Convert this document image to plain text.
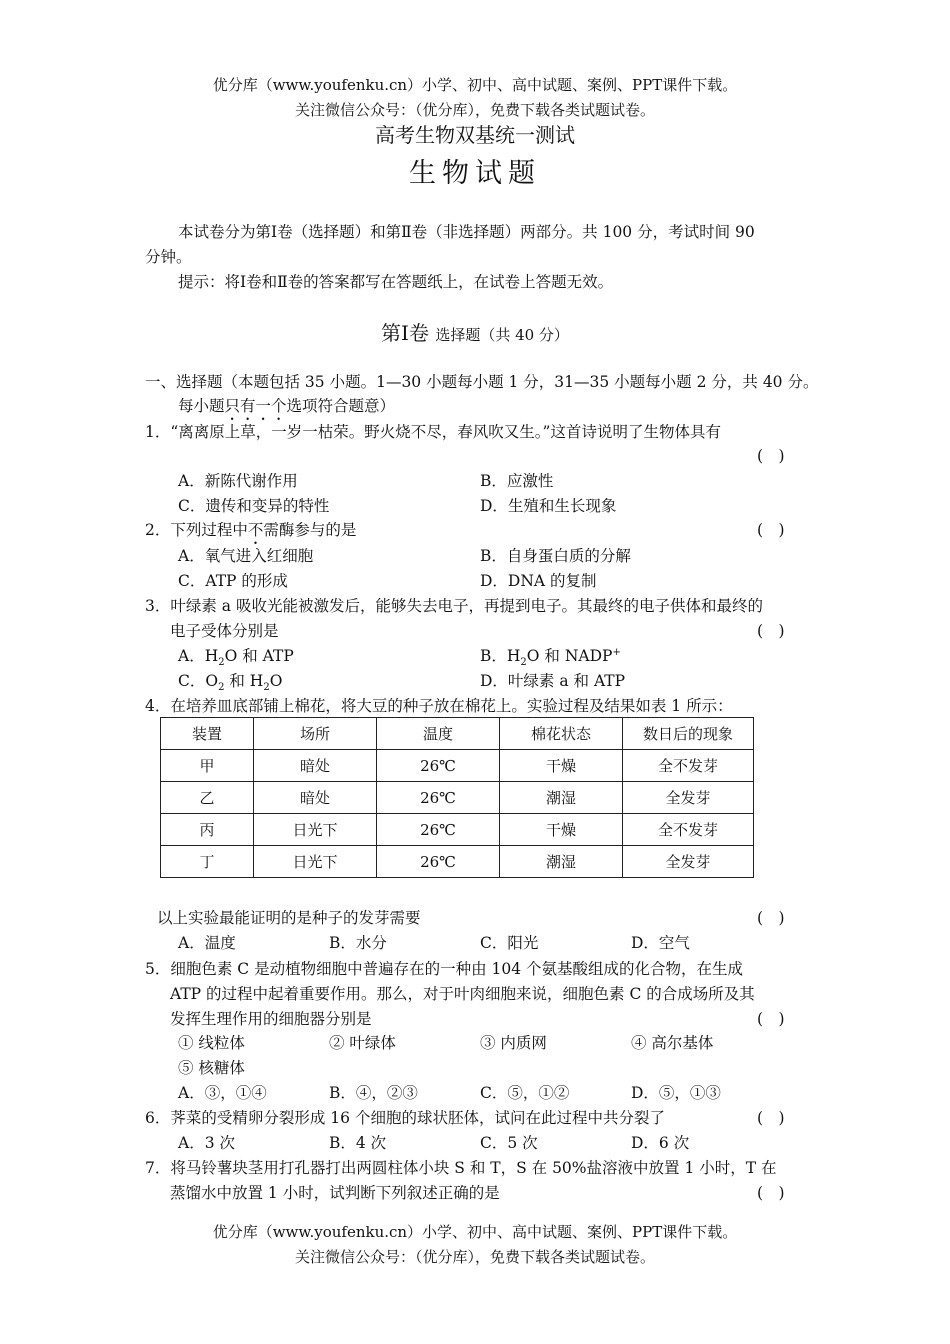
优分库（www.youfenku.cn）小学、初中、高中试题、案例、PPT课件下载。
关注微信公众号：（优分库），免费下载各类试题试卷。
高考生物双基统一测试
生物试题
本试卷分为第Ⅰ卷（选择题）和第Ⅱ卷（非选择题）两部分。共 100 分，考试时间 90
分钟。
提示：将Ⅰ卷和Ⅱ卷的答案都写在答题纸上，在试卷上答题无效。
第Ⅰ卷 选择题（共 40 分）
一、选择题（本题包括 35 小题。1—30 小题每小题 1 分，31—35 小题每小题 2 分，共 40 分。
每小题只有一个选项符合题意）
1．“离离原上草，一岁一枯荣。野火烧不尽，春风吹又生。”这首诗说明了生物体具有
(　)
A．新陈代谢作用	B．应激性
C．遗传和变异的特性	D．生殖和生长现象
2．下列过程中不需酶参与的是	(　)
A．氧气进入红细胞	B．自身蛋白质的分解
C．ATP 的形成	D．DNA 的复制
3．叶绿素 a 吸收光能被激发后，能够失去电子，再提到电子。其最终的电子供体和最终的
电子受体分别是	(　)
A．$H_2O$ 和 ATP	B．$H_2O$ 和 NADP+
C．$O_2$ 和 $H_2O$	D．叶绿素 a 和 ATP
4．在培养皿底部铺上棉花，将大豆的种子放在棉花上。实验过程及结果如表 1 所示：
装置	场所	温度	棉花状态	数日后的现象
甲	暗处	26℃	干燥	全不发芽
乙	暗处	26℃	潮湿	全发芽
丙	日光下	26℃	干燥	全不发芽
丁	日光下	26℃	潮湿	全发芽
以上实验最能证明的是种子的发芽需要	(　)
A．温度	B．水分	C．阳光	D．空气
5．细胞色素 C 是动植物细胞中普遍存在的一种由 104 个氨基酸组成的化合物，在生成
ATP 的过程中起着重要作用。那么，对于叶肉细胞来说，细胞色素 C 的合成场所及其
发挥生理作用的细胞器分别是	(　)
① 线粒体	② 叶绿体	③ 内质网	④ 高尔基体
⑤ 核糖体
A．③，①④	B．④，②③	C．⑤，①②	D．⑤，①③
6．荠菜的受精卵分裂形成 16 个细胞的球状胚体，试问在此过程中共分裂了	(　)
A．3 次	B．4 次	C．5 次	D．6 次
7．将马铃薯块茎用打孔器打出两圆柱体小块 S 和 T，S 在 50%盐溶液中放置 1 小时，T 在
蒸馏水中放置 1 小时，试判断下列叙述正确的是	(　)
优分库（www.youfenku.cn）小学、初中、高中试题、案例、PPT课件下载。
关注微信公众号：（优分库），免费下载各类试题试卷。
